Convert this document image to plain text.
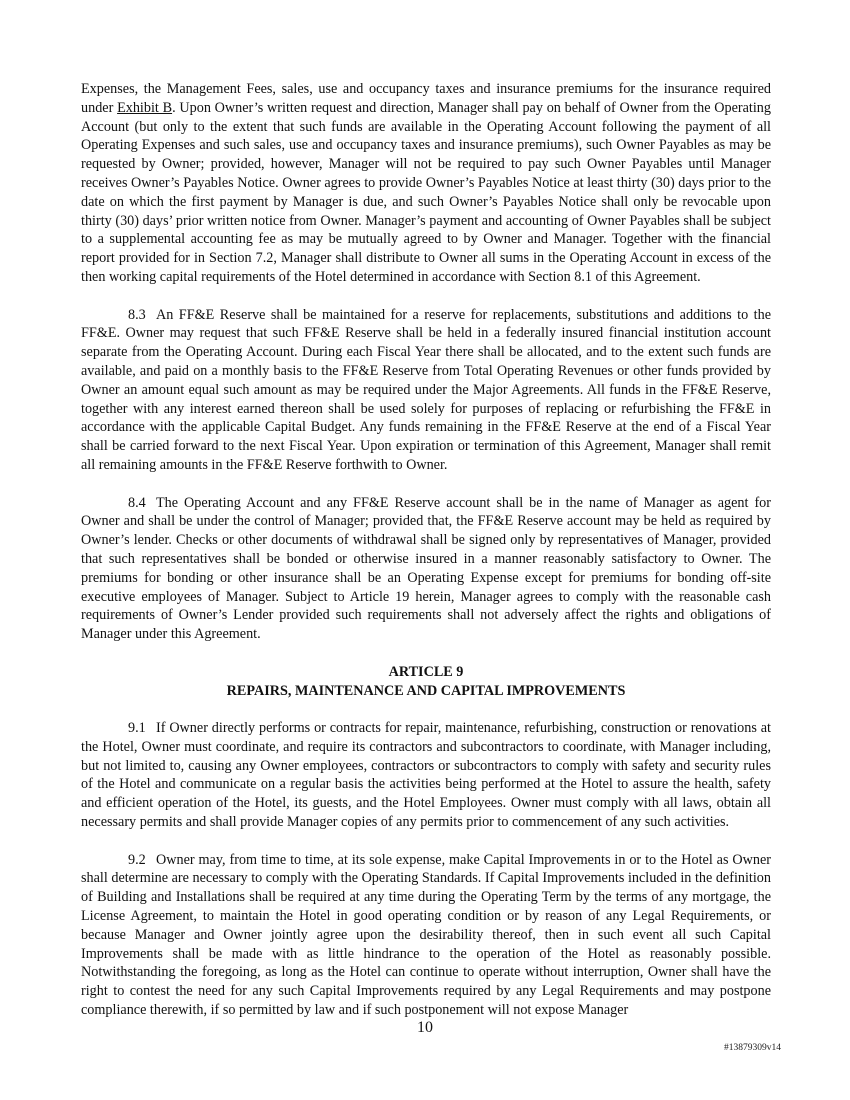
Expenses, the Management Fees, sales, use and occupancy taxes and insurance premiums for the insurance required under Exhibit B. Upon Owner’s written request and direction, Manager shall pay on behalf of Owner from the Operating Account (but only to the extent that such funds are available in the Operating Account following the payment of all Operating Expenses and such sales, use and occupancy taxes and insurance premiums), such Owner Payables as may be requested by Owner; provided, however, Manager will not be required to pay such Owner Payables until Manager receives Owner’s Payables Notice. Owner agrees to provide Owner’s Payables Notice at least thirty (30) days prior to the date on which the first payment by Manager is due, and such Owner’s Payables Notice shall only be revocable upon thirty (30) days’ prior written notice from Owner. Manager’s payment and accounting of Owner Payables shall be subject to a supplemental accounting fee as may be mutually agreed to by Owner and Manager. Together with the financial report provided for in Section 7.2, Manager shall distribute to Owner all sums in the Operating Account in excess of the then working capital requirements of the Hotel determined in accordance with Section 8.1 of this Agreement.

8.3 An FF&E Reserve shall be maintained for a reserve for replacements, substitutions and additions to the FF&E. Owner may request that such FF&E Reserve shall be held in a federally insured financial institution account separate from the Operating Account. During each Fiscal Year there shall be allocated, and to the extent such funds are available, and paid on a monthly basis to the FF&E Reserve from Total Operating Revenues or other funds provided by Owner an amount equal such amount as may be required under the Major Agreements. All funds in the FF&E Reserve, together with any interest earned thereon shall be used solely for purposes of replacing or refurbishing the FF&E in accordance with the applicable Capital Budget. Any funds remaining in the FF&E Reserve at the end of a Fiscal Year shall be carried forward to the next Fiscal Year. Upon expiration or termination of this Agreement, Manager shall remit all remaining amounts in the FF&E Reserve forthwith to Owner.

8.4 The Operating Account and any FF&E Reserve account shall be in the name of Manager as agent for Owner and shall be under the control of Manager; provided that, the FF&E Reserve account may be held as required by Owner’s lender. Checks or other documents of withdrawal shall be signed only by representatives of Manager, provided that such representatives shall be bonded or otherwise insured in a manner reasonably satisfactory to Owner. The premiums for bonding or other insurance shall be an Operating Expense except for premiums for bonding off-site executive employees of Manager. Subject to Article 19 herein, Manager agrees to comply with the reasonable cash requirements of Owner’s Lender provided such requirements shall not adversely affect the rights and obligations of Manager under this Agreement.

ARTICLE 9

REPAIRS, MAINTENANCE AND CAPITAL IMPROVEMENTS

9.1 If Owner directly performs or contracts for repair, maintenance, refurbishing, construction or renovations at the Hotel, Owner must coordinate, and require its contractors and subcontractors to coordinate, with Manager including, but not limited to, causing any Owner employees, contractors or subcontractors to comply with safety and security rules of the Hotel and communicate on a regular basis the activities being performed at the Hotel to assure the health, safety and efficient operation of the Hotel, its guests, and the Hotel Employees. Owner must comply with all laws, obtain all necessary permits and shall provide Manager copies of any permits prior to commencement of any such activities.

9.2 Owner may, from time to time, at its sole expense, make Capital Improvements in or to the Hotel as Owner shall determine are necessary to comply with the Operating Standards. If Capital Improvements included in the definition of Building and Installations shall be required at any time during the Operating Term by the terms of any mortgage, the License Agreement, to maintain the Hotel in good operating condition or by reason of any Legal Requirements, or because Manager and Owner jointly agree upon the desirability thereof, then in such event all such Capital Improvements shall be made with as little hindrance to the operation of the Hotel as reasonably possible. Notwithstanding the foregoing, as long as the Hotel can continue to operate without interruption, Owner shall have the right to contest the need for any such Capital Improvements required by any Legal Requirements and may postpone compliance therewith, if so permitted by law and if such postponement will not expose Manager

10
#13879309v14
